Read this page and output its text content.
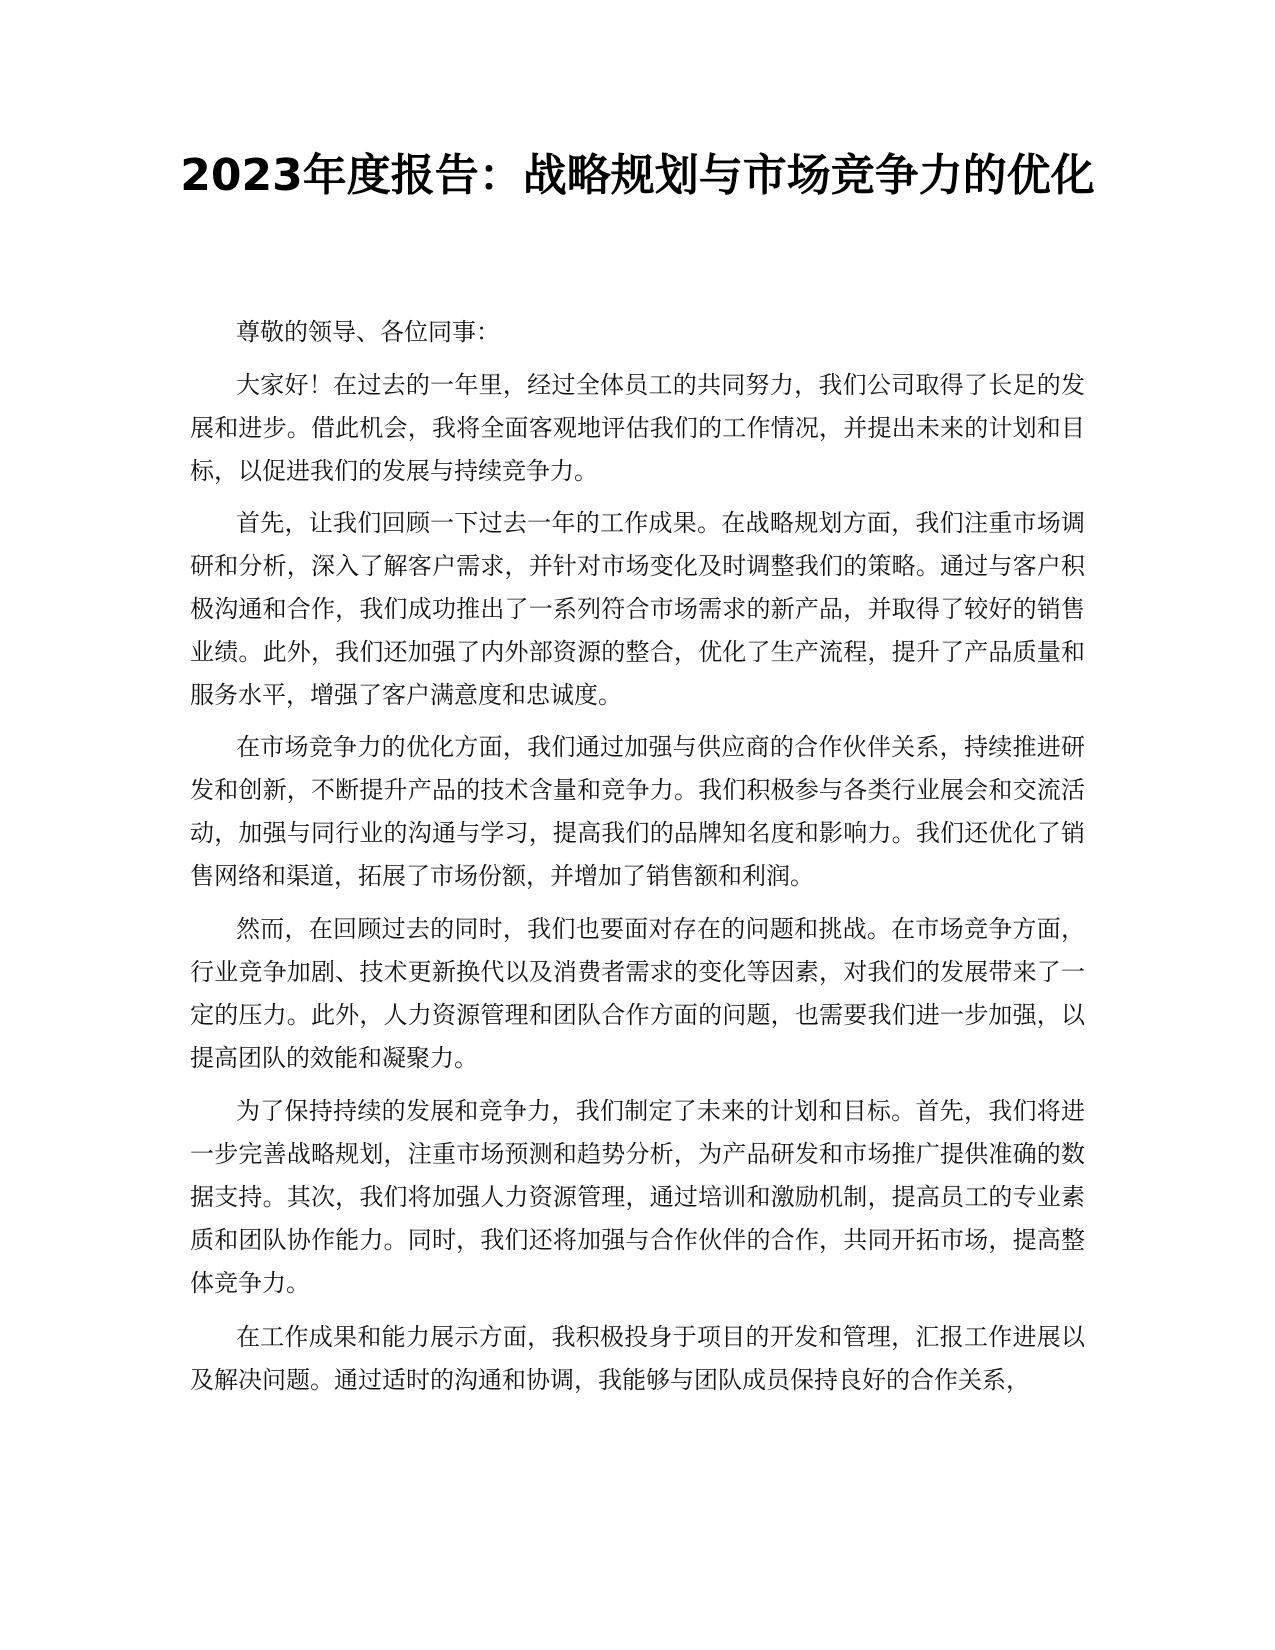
2023年度报告：战略规划与市场竞争力的优化

尊敬的领导、各位同事：

大家好！在过去的一年里，经过全体员工的共同努力，我们公司取得了长足的发展和进步。借此机会，我将全面客观地评估我们的工作情况，并提出未来的计划和目标，以促进我们的发展与持续竞争力。

首先，让我们回顾一下过去一年的工作成果。在战略规划方面，我们注重市场调研和分析，深入了解客户需求，并针对市场变化及时调整我们的策略。通过与客户积极沟通和合作，我们成功推出了一系列符合市场需求的新产品，并取得了较好的销售业绩。此外，我们还加强了内外部资源的整合，优化了生产流程，提升了产品质量和服务水平，增强了客户满意度和忠诚度。

在市场竞争力的优化方面，我们通过加强与供应商的合作伙伴关系，持续推进研发和创新，不断提升产品的技术含量和竞争力。我们积极参与各类行业展会和交流活动，加强与同行业的沟通与学习，提高我们的品牌知名度和影响力。我们还优化了销售网络和渠道，拓展了市场份额，并增加了销售额和利润。

然而，在回顾过去的同时，我们也要面对存在的问题和挑战。在市场竞争方面，行业竞争加剧、技术更新换代以及消费者需求的变化等因素，对我们的发展带来了一定的压力。此外，人力资源管理和团队合作方面的问题，也需要我们进一步加强，以提高团队的效能和凝聚力。

为了保持持续的发展和竞争力，我们制定了未来的计划和目标。首先，我们将进一步完善战略规划，注重市场预测和趋势分析，为产品研发和市场推广提供准确的数据支持。其次，我们将加强人力资源管理，通过培训和激励机制，提高员工的专业素质和团队协作能力。同时，我们还将加强与合作伙伴的合作，共同开拓市场，提高整体竞争力。

在工作成果和能力展示方面，我积极投身于项目的开发和管理，汇报工作进展以及解决问题。通过适时的沟通和协调，我能够与团队成员保持良好的合作关系，
